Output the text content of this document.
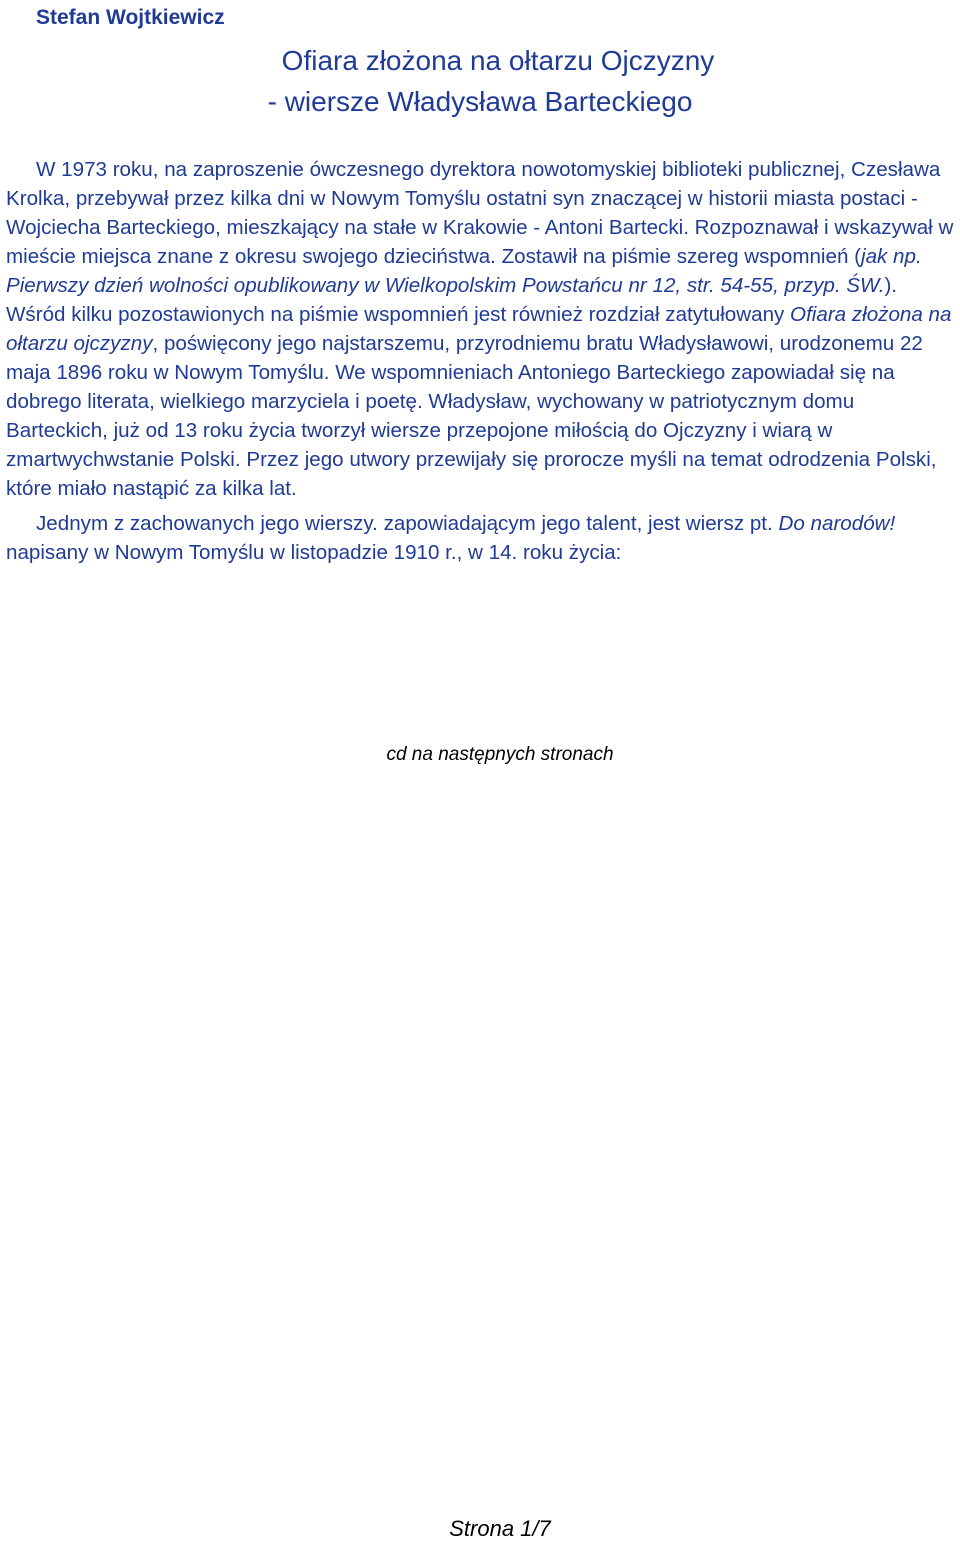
Stefan Wojtkiewicz
Ofiara złożona na ołtarzu Ojczyzny
- wiersze Władysława Barteckiego

W 1973 roku, na zaproszenie ówczesnego dyrektora nowotomyskiej biblioteki publicznej, Czesława Krolka, przebywał przez kilka dni w Nowym Tomyślu ostatni syn znaczącej w historii miasta postaci - Wojciecha Barteckiego, mieszkający na stałe w Krakowie - Antoni Bartecki. Rozpoznawał i wskazywał w mieście miejsca znane z okresu swojego dzieciństwa. Zostawił na piśmie szereg wspomnień (jak np. Pierwszy dzień wolności opublikowany w Wielkopolskim Powstańcu nr 12, str. 54-55, przyp. ŚW.). Wśród kilku pozostawionych na piśmie wspomnień jest również rozdział zatytułowany Ofiara złożona na ołtarzu ojczyzny, poświęcony jego najstarszemu, przyrodniemu bratu Władysławowi, urodzonemu 22 maja 1896 roku w Nowym Tomyślu. We wspomnieniach Antoniego Barteckiego zapowiadał się na dobrego literata, wielkiego marzyciela i poetę. Władysław, wychowany w patriotycznym domu Barteckich, już od 13 roku życia tworzył wiersze przepojone miłością do Ojczyzny i wiarą w zmartwychwstanie Polski. Przez jego utwory przewijały się prorocze myśli na temat odrodzenia Polski, które miało nastąpić za kilka lat.

Jednym z zachowanych jego wierszy. zapowiadającym jego talent, jest wiersz pt. Do narodów! napisany w Nowym Tomyślu w listopadzie 1910 r., w 14. roku życia:

cd na następnych stronach

Strona 1/7
